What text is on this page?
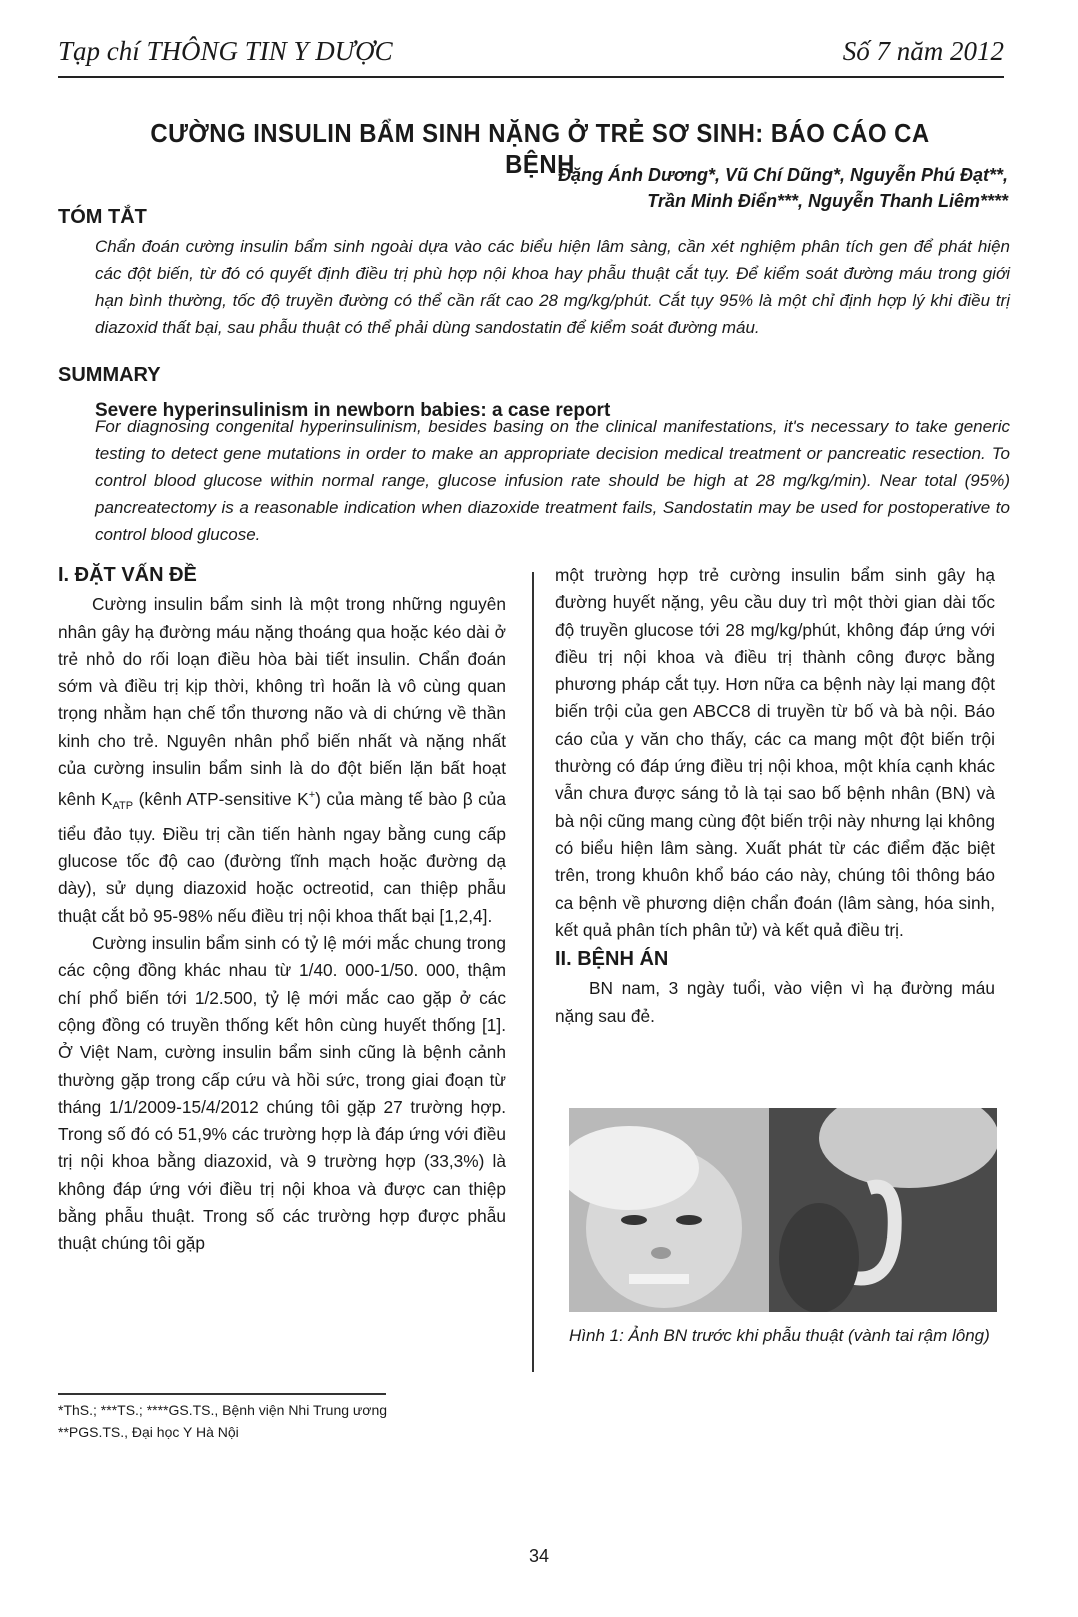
Tạp chí THÔNG TIN Y DƯỢC	Số 7 năm 2012
CƯỜNG INSULIN BẨM SINH NẶNG Ở TRẺ SƠ SINH: BÁO CÁO CA BỆNH
Đặng Ánh Dương*, Vũ Chí Dũng*, Nguyễn Phú Đạt**,
Trần Minh Điển***, Nguyễn Thanh Liêm****
TÓM TẮT
Chẩn đoán cường insulin bẩm sinh ngoài dựa vào các biểu hiện lâm sàng, cần xét nghiệm phân tích gen để phát hiện các đột biến, từ đó có quyết định điều trị phù hợp nội khoa hay phẫu thuật cắt tụy. Để kiểm soát đường máu trong giới hạn bình thường, tốc độ truyền đường có thể cần rất cao 28 mg/kg/phút. Cắt tụy 95% là một chỉ định hợp lý khi điều trị diazoxid thất bại, sau phẫu thuật có thể phải dùng sandostatin để kiểm soát đường máu.
SUMMARY
Severe hyperinsulinism in newborn babies: a case report
For diagnosing congenital hyperinsulinism, besides basing on the clinical manifestations, it's necessary to take generic testing to detect gene mutations in order to make an appropriate decision medical treatment or pancreatic resection. To control blood glucose within normal range, glucose infusion rate should be high at 28 mg/kg/min). Near total (95%) pancreatectomy is a reasonable indication when diazoxide treatment fails, Sandostatin may be used for postoperative to control blood glucose.
I. ĐẶT VẤN ĐỀ

Cường insulin bẩm sinh là một trong những nguyên nhân gây hạ đường máu nặng thoáng qua hoặc kéo dài ở trẻ nhỏ do rối loạn điều hòa bài tiết insulin. Chẩn đoán sớm và điều trị kịp thời, không trì hoãn là vô cùng quan trọng nhằm hạn chế tổn thương não và di chứng về thần kinh cho trẻ. Nguyên nhân phổ biến nhất và nặng nhất của cường insulin bẩm sinh là do đột biến lặn bất hoạt kênh $K_{ATP}$ (kênh ATP-sensitive K+) của màng tế bào β của tiểu đảo tụy. Điều trị cần tiến hành ngay bằng cung cấp glucose tốc độ cao (đường tĩnh mạch hoặc đường dạ dày), sử dụng diazoxid hoặc octreotid, can thiệp phẫu thuật cắt bỏ 95-98% nếu điều trị nội khoa thất bại [1,2,4].

Cường insulin bẩm sinh có tỷ lệ mới mắc chung trong các cộng đồng khác nhau từ 1/40. 000-1/50. 000, thậm chí phổ biến tới 1/2.500, tỷ lệ mới mắc cao gặp ở các cộng đồng có truyền thống kết hôn cùng huyết thống [1]. Ở Việt Nam, cường insulin bẩm sinh cũng là bệnh cảnh thường gặp trong cấp cứu và hồi sức, trong giai đoạn từ tháng 1/1/2009-15/4/2012 chúng tôi gặp 27 trường hợp. Trong số đó có 51,9% các trường hợp là đáp ứng với điều trị nội khoa bằng diazoxid, và 9 trường hợp (33,3%) là không đáp ứng với điều trị nội khoa và được can thiệp bằng phẫu thuật. Trong số các trường hợp được phẫu thuật chúng tôi gặp

một trường hợp trẻ cường insulin bẩm sinh gây hạ đường huyết nặng, yêu cầu duy trì một thời gian dài tốc độ truyền glucose tới 28 mg/kg/phút, không đáp ứng với điều trị nội khoa và điều trị thành công được bằng phương pháp cắt tụy. Hơn nữa ca bệnh này lại mang đột biến trội của gen ABCC8 di truyền từ bố và bà nội. Báo cáo của y văn cho thấy, các ca mang một đột biến trội thường có đáp ứng điều trị nội khoa, một khía cạnh khác vẫn chưa được sáng tỏ là tại sao bố bệnh nhân (BN) và bà nội cũng mang cùng đột biến trội này nhưng lại không có biểu hiện lâm sàng. Xuất phát từ các điểm đặc biệt trên, trong khuôn khổ báo cáo này, chúng tôi thông báo ca bệnh về phương diện chẩn đoán (lâm sàng, hóa sinh, kết quả phân tích phân tử) và kết quả điều trị.

II. BỆNH ÁN

BN nam, 3 ngày tuổi, vào viện vì hạ đường máu nặng sau đẻ.

Hình 1: Ảnh BN trước khi phẫu thuật (vành tai rậm lông)
*ThS.; ***TS.; ****GS.TS., Bệnh viện Nhi Trung ương
**PGS.TS., Đại học Y Hà Nội
34
